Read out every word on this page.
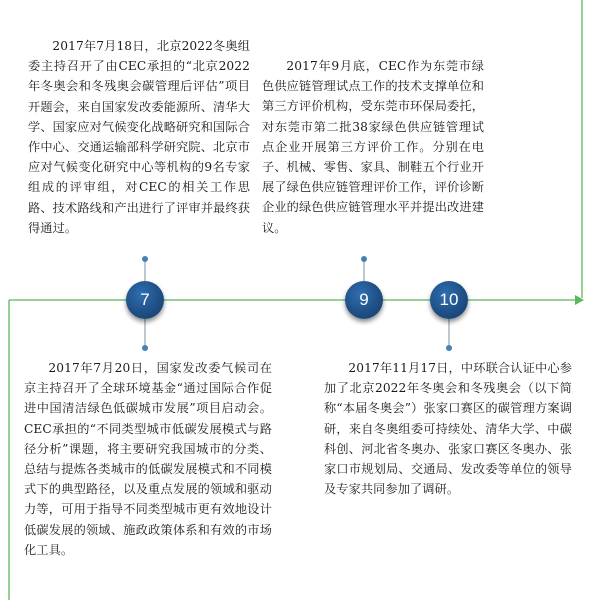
7	9	10

2017年7月18日，北京2022冬奥组委主持召开了由CEC承担的“北京2022年冬奥会和冬残奥会碳管理后评估”项目开题会，来自国家发改委能源所、清华大学、国家应对气候变化战略研究和国际合作中心、交通运输部科学研究院、北京市应对气候变化研究中心等机构的9名专家组成的评审组，对CEC的相关工作思路、技术路线和产出进行了评审并最终获得通过。

2017年9月底，CEC作为东莞市绿色供应链管理试点工作的技术支撑单位和第三方评价机构，受东莞市环保局委托，对东莞市第二批38家绿色供应链管理试点企业开展第三方评价工作。分别在电子、机械、零售、家具、制鞋五个行业开展了绿色供应链管理评价工作，评价诊断企业的绿色供应链管理水平并提出改进建议。

2017年7月20日，国家发改委气候司在京主持召开了全球环境基金“通过国际合作促进中国清洁绿色低碳城市发展”项目启动会。CEC承担的“不同类型城市低碳发展模式与路径分析”课题，将主要研究我国城市的分类、总结与提炼各类城市的低碳发展模式和不同模式下的典型路径，以及重点发展的领域和驱动力等，可用于指导不同类型城市更有效地设计低碳发展的领域、施政政策体系和有效的市场化工具。

2017年11月17日，中环联合认证中心参加了北京2022年冬奥会和冬残奥会（以下简称“本届冬奥会”）张家口赛区的碳管理方案调研，来自冬奥组委可持续处、清华大学、中碳科创、河北省冬奥办、张家口赛区冬奥办、张家口市规划局、交通局、发改委等单位的领导及专家共同参加了调研。
